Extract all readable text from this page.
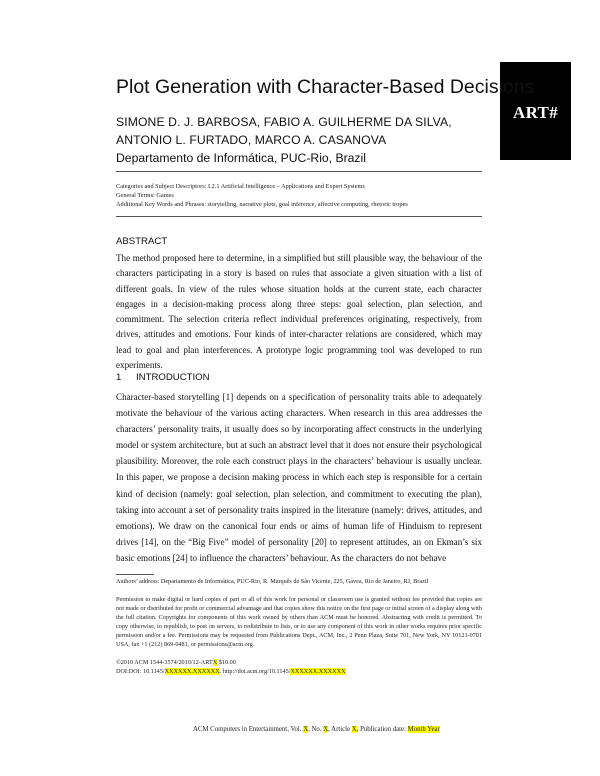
ART#
Plot Generation with Character-Based Decisions
SIMONE D. J. BARBOSA, FABIO A. GUILHERME DA SILVA,
ANTONIO L. FURTADO, MARCO A. CASANOVA
Departamento de Informática, PUC-Rio, Brazil
Categories and Subject Descriptors: I.2.1 Artificial Intelligence – Applications and Expert Systems
General Terms: Games
Additional Key Words and Phrases: storytelling, narrative plots, goal inference, affective computing, rhetoric tropes
ABSTRACT

The method proposed here to determine, in a simplified but still plausible way, the behaviour of the characters participating in a story is based on rules that associate a given situation with a list of different goals. In view of the rules whose situation holds at the current state, each character engages in a decision-making process along three steps: goal selection, plan selection, and commitment. The selection criteria reflect individual preferences originating, respectively, from drives, attitudes and emotions. Four kinds of inter-character relations are considered, which may lead to goal and plan interferences. A prototype logic programming tool was developed to run experiments.

1 INTRODUCTION

Character-based storytelling [1] depends on a specification of personality traits able to adequately motivate the behaviour of the various acting characters. When research in this area addresses the characters’ personality traits, it usually does so by incorporating affect constructs in the underlying model or system architecture, but at such an abstract level that it does not ensure their psychological plausibility. Moreover, the role each construct plays in the characters’ behaviour is usually unclear. In this paper, we propose a decision making process in which each step is responsible for a certain kind of decision (namely: goal selection, plan selection, and commitment to executing the plan), taking into account a set of personality traits inspired in the literature (namely: drives, attitudes, and emotions). We draw on the canonical four ends or aims of human life of Hinduism to represent drives [14], on the “Big Five” model of personality [20] to represent attitudes, an on Ekman’s six basic emotions [24] to influence the characters’ behaviour. As the characters do not behave

Authors’ address: Departamento de Informática, PUC-Rio, R. Marquês de São Vicente, 225, Gávea, Rio de Janeiro, RJ, Brazil

Permission to make digital or hard copies of part or all of this work for personal or classroom use is granted without fee provided that copies are not made or distributed for profit or commercial advantage and that copies show this notice on the first page or initial screen of a display along with the full citation. Copyrights for components of this work owned by others than ACM must be honored. Abstracting with credit is permitted. To copy otherwise, to republish, to post on servers, to redistribute to lists, or to use any component of this work in other works requires prior specific permission and/or a fee. Permissions may be requested from Publications Dept., ACM, Inc., 2 Penn Plaza, Suite 701, New York, NY 10121-0701 USA, fax +1 (212) 869-0481, or permissions@acm.org.

©2010 ACM 1544-3574/2010/12-ARTX $10.00
DOI:DOI: 10.1145/XXXXXX.XXXXXX. http://doi.acm.org/10.1145/XXXXXX.XXXXXX
ACM Computers in Entertainment, Vol. X, No. X, Article X, Publication date: Month Year
